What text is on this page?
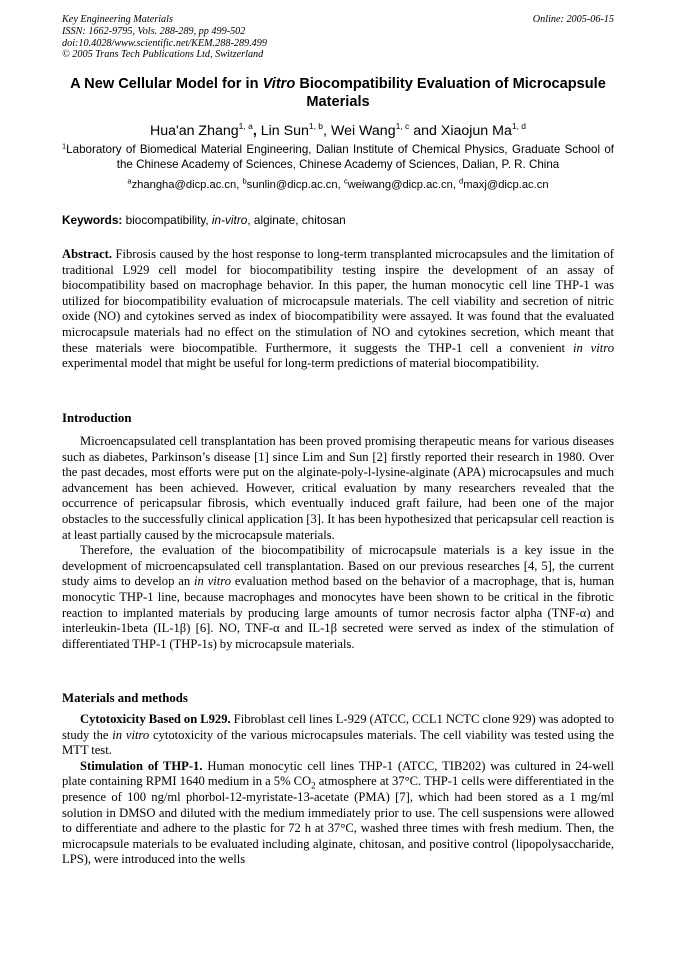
Key Engineering Materials
ISSN: 1662-9795, Vols. 288-289, pp 499-502
doi:10.4028/www.scientific.net/KEM.288-289.499
© 2005 Trans Tech Publications Ltd, Switzerland
Online: 2005-06-15
A New Cellular Model for in Vitro Biocompatibility Evaluation of Microcapsule Materials
Hua'an Zhang$^{1, a}$, Lin Sun$^{1, b}$, Wei Wang$^{1, c}$ and Xiaojun Ma$^{1, d}$
$^1$Laboratory of Biomedical Material Engineering, Dalian Institute of Chemical Physics, Graduate School of the Chinese Academy of Sciences, Chinese Academy of Sciences, Dalian, P. R. China
$^a$zhangha@dicp.ac.cn, $^b$sunlin@dicp.ac.cn, $^c$weiwang@dicp.ac.cn, $^d$maxj@dicp.ac.cn
Keywords: biocompatibility, in-vitro, alginate, chitosan

Abstract. Fibrosis caused by the host response to long-term transplanted microcapsules and the limitation of traditional L929 cell model for biocompatibility testing inspire the development of an assay of biocompatibility based on macrophage behavior. In this paper, the human monocytic cell line THP-1 was utilized for biocompatibility evaluation of microcapsule materials. The cell viability and secretion of nitric oxide (NO) and cytokines served as index of biocompatibility were assayed. It was found that the evaluated microcapsule materials had no effect on the stimulation of NO and cytokines secretion, which meant that these materials were biocompatible. Furthermore, it suggests the THP-1 cell a convenient in vitro experimental model that might be useful for long-term predictions of material biocompatibility.

Introduction

Microencapsulated cell transplantation has been proved promising therapeutic means for various diseases such as diabetes, Parkinson’s disease [1] since Lim and Sun [2] firstly reported their research in 1980. Over the past decades, most efforts were put on the alginate-poly-l-lysine-alginate (APA) microcapsules and much advancement has been achieved. However, critical evaluation by many researchers revealed that the occurrence of pericapsular fibrosis, which eventually induced graft failure, had been one of the major obstacles to the successfully clinical application [3]. It has been hypothesized that pericapsular cell reaction is at least partially caused by the microcapsule materials.

Therefore, the evaluation of the biocompatibility of microcapsule materials is a key issue in the development of microencapsulated cell transplantation. Based on our previous researches [4, 5], the current study aims to develop an in vitro evaluation method based on the behavior of a macrophage, that is, human monocytic THP-1 line, because macrophages and monocytes have been shown to be critical in the fibrotic reaction to implanted materials by producing large amounts of tumor necrosis factor alpha (TNF-α) and interleukin-1beta (IL-1β) [6]. NO, TNF-α and IL-1β secreted were served as index of the stimulation of differentiated THP-1 (THP-1s) by microcapsule materials.

Materials and methods

Cytotoxicity Based on L929. Fibroblast cell lines L-929 (ATCC, CCL1 NCTC clone 929) was adopted to study the in vitro cytotoxicity of the various microcapsules materials. The cell viability was tested using the MTT test.

Stimulation of THP-1. Human monocytic cell lines THP-1 (ATCC, TIB202) was cultured in 24-well plate containing RPMI 1640 medium in a 5% $CO_2$ atmosphere at 37°C. THP-1 cells were differentiated in the presence of 100 ng/ml phorbol-12-myristate-13-acetate (PMA) [7], which had been stored as a 1 mg/ml solution in DMSO and diluted with the medium immediately prior to use. The cell suspensions were allowed to differentiate and adhere to the plastic for 72 h at 37°C, washed three times with fresh medium. Then, the microcapsule materials to be evaluated including alginate, chitosan, and positive control (lipopolysaccharide, LPS), were introduced into the wells
